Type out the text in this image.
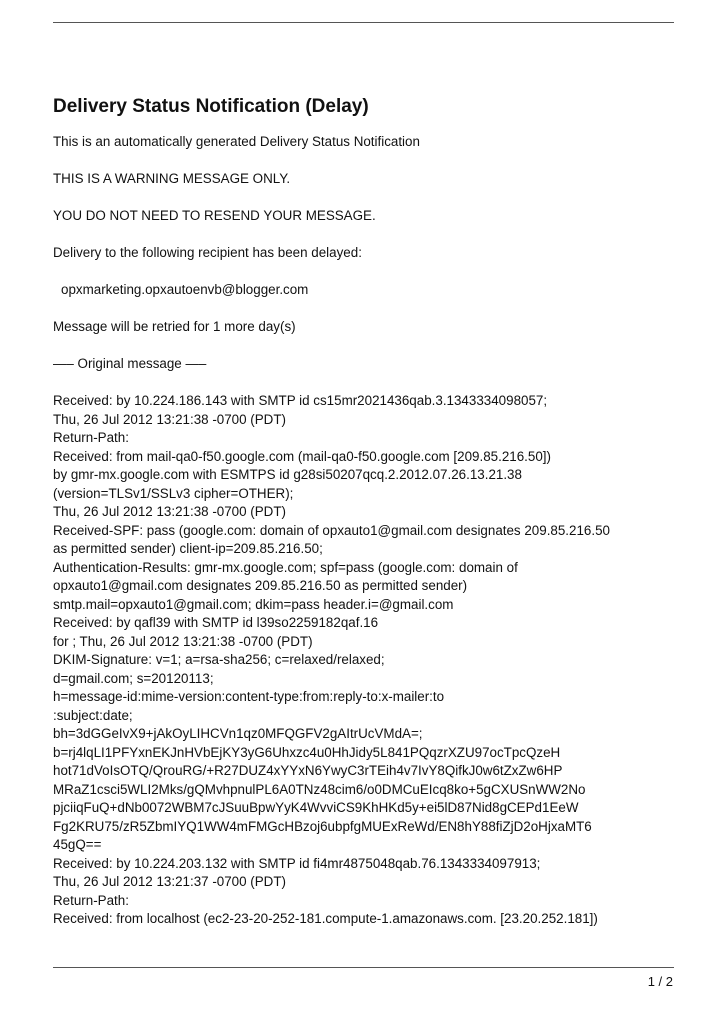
Delivery Status Notification (Delay)
This is an automatically generated Delivery Status Notification
THIS IS A WARNING MESSAGE ONLY.
YOU DO NOT NEED TO RESEND YOUR MESSAGE.
Delivery to the following recipient has been delayed:
opxmarketing.opxautoenvb@blogger.com
Message will be retried for 1 more day(s)
—– Original message —–
Received: by 10.224.186.143 with SMTP id cs15mr2021436qab.3.1343334098057;
Thu, 26 Jul 2012 13:21:38 -0700 (PDT)
Return-Path:
Received: from mail-qa0-f50.google.com (mail-qa0-f50.google.com [209.85.216.50])
by gmr-mx.google.com with ESMTPS id g28si50207qcq.2.2012.07.26.13.21.38
(version=TLSv1/SSLv3 cipher=OTHER);
Thu, 26 Jul 2012 13:21:38 -0700 (PDT)
Received-SPF: pass (google.com: domain of opxauto1@gmail.com designates 209.85.216.50
as permitted sender) client-ip=209.85.216.50;
Authentication-Results: gmr-mx.google.com; spf=pass (google.com: domain of
opxauto1@gmail.com designates 209.85.216.50 as permitted sender)
smtp.mail=opxauto1@gmail.com; dkim=pass header.i=@gmail.com
Received: by qafl39 with SMTP id l39so2259182qaf.16
for ; Thu, 26 Jul 2012 13:21:38 -0700 (PDT)
DKIM-Signature: v=1; a=rsa-sha256; c=relaxed/relaxed;
d=gmail.com; s=20120113;
h=message-id:mime-version:content-type:from:reply-to:x-mailer:to
:subject:date;
bh=3dGGeIvX9+jAkOyLIHCVn1qz0MFQGFV2gAItrUcVMdA=;
b=rj4lqLI1PFYxnEKJnHVbEjKY3yG6Uhxzc4u0HhJidy5L841PQqzrXZU97ocTpcQzeH
hot71dVoIsOTQ/QrouRG/+R27DUZ4xYYxN6YwyC3rTEih4v7IvY8QifkJ0w6tZxZw6HP
MRaZ1csci5WLI2Mks/gQMvhpnulPL6A0TNz48cim6/o0DMCuEIcq8ko+5gCXUSnWW2No
pjciiqFuQ+dNb0072WBM7cJSuuBpwYyK4WvviCS9KhHKd5y+ei5lD87Nid8gCEPd1EeW
Fg2KRU75/zR5ZbmIYQ1WW4mFMGcHBzoj6ubpfgMUExReWd/EN8hY88fiZjD2oHjxaMT6
45gQ==
Received: by 10.224.203.132 with SMTP id fi4mr4875048qab.76.1343334097913;
Thu, 26 Jul 2012 13:21:37 -0700 (PDT)
Return-Path:
Received: from localhost (ec2-23-20-252-181.compute-1.amazonaws.com. [23.20.252.181])
1 / 2
